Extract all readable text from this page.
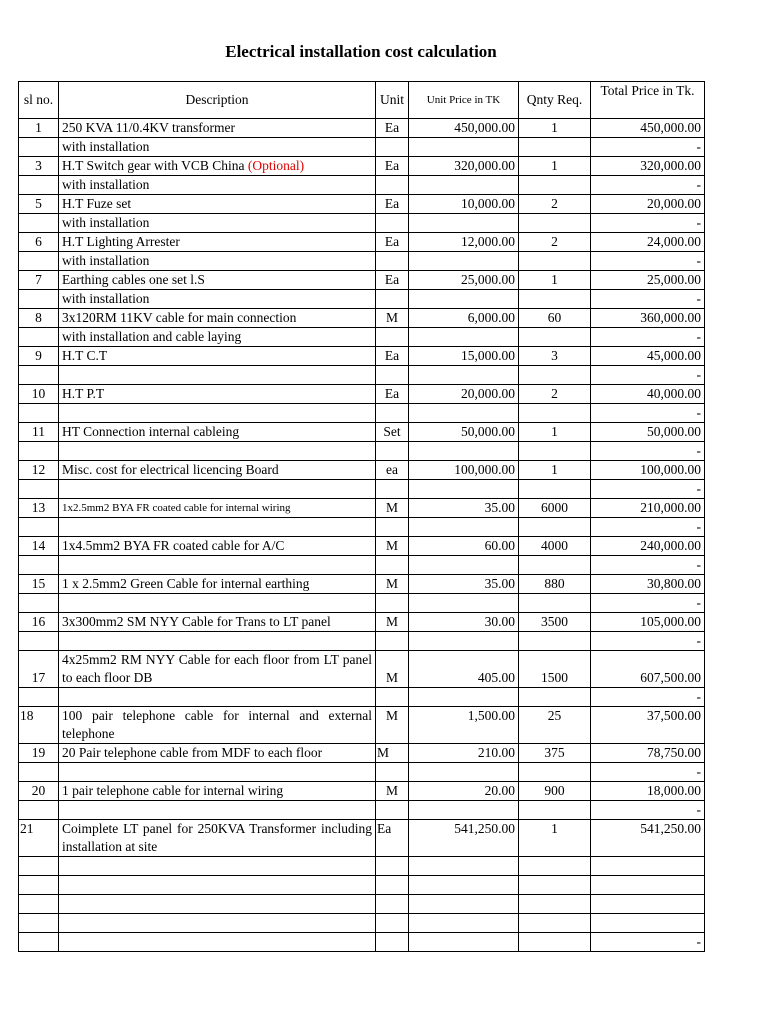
Electrical installation cost calculation
sl no.	Description	Unit	Unit Price in TK	Qnty Req.	Total Price in Tk.
1	250 KVA 11/0.4KV transformer	Ea	450,000.00	1	450,000.00
	with installation				-
3	H.T Switch gear with VCB China (Optional)	Ea	320,000.00	1	320,000.00
	with installation				-
5	H.T Fuze set	Ea	10,000.00	2	20,000.00
	with installation				-
6	H.T Lighting Arrester	Ea	12,000.00	2	24,000.00
	with installation				-
7	Earthing cables one set l.S	Ea	25,000.00	1	25,000.00
	with installation				-
8	3x120RM 11KV cable for main connection	M	6,000.00	60	360,000.00
	with installation and cable laying				-
9	H.T C.T	Ea	15,000.00	3	45,000.00
					-
10	H.T P.T	Ea	20,000.00	2	40,000.00
					-
11	HT Connection internal cableing	Set	50,000.00	1	50,000.00
					-
12	Misc. cost for electrical licencing Board	ea	100,000.00	1	100,000.00
					-
13	1x2.5mm2 BYA FR coated cable for internal wiring	M	35.00	6000	210,000.00
					-
14	1x4.5mm2 BYA FR coated cable for A/C	M	60.00	4000	240,000.00
					-
15	1 x 2.5mm2 Green Cable for internal earthing	M	35.00	880	30,800.00
					-
16	3x300mm2 SM NYY Cable for Trans to LT panel	M	30.00	3500	105,000.00
					-
17	4x25mm2 RM NYY Cable for each floor from LT panel to each floor DB	M	405.00	1500	607,500.00
					-
18	100 pair telephone cable for internal and external telephone	M	1,500.00	25	37,500.00
19	20 Pair telephone cable from MDF to each floor	M	210.00	375	78,750.00
					-
20	1 pair telephone cable for internal wiring	M	20.00	900	18,000.00
					-
21	Coimplete LT panel for 250KVA Transformer including installation at site	Ea	541,250.00	1	541,250.00

					-
